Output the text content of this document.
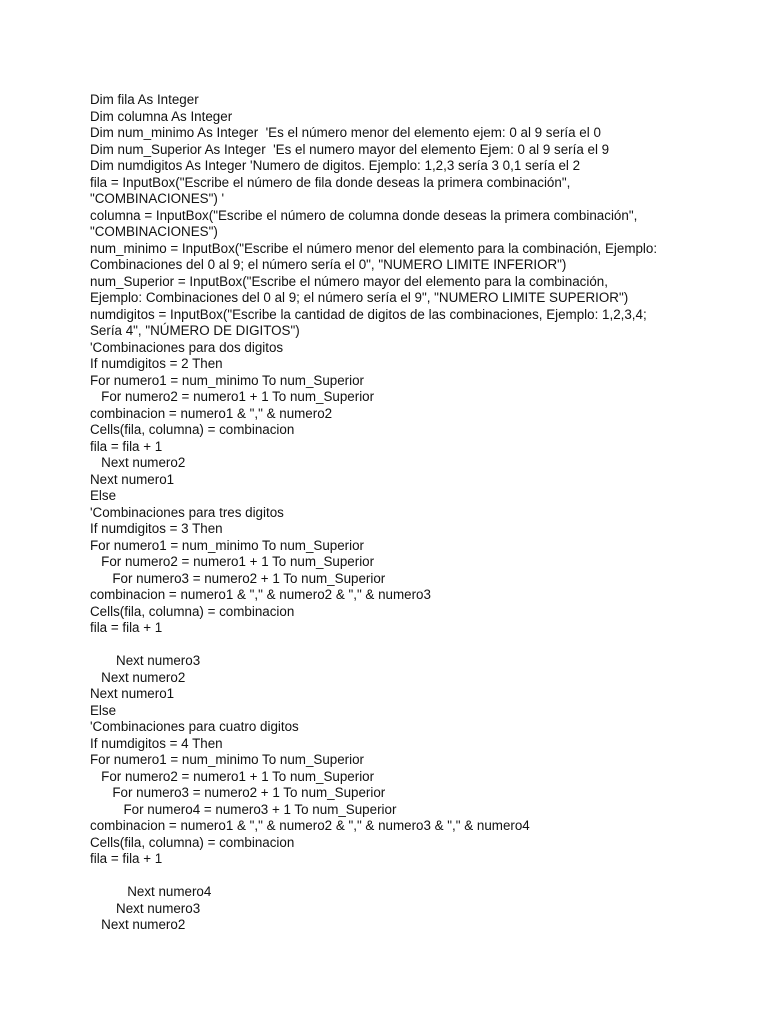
Dim fila As Integer
Dim columna As Integer
Dim num_minimo As Integer  'Es el número menor del elemento ejem: 0 al 9 sería el 0
Dim num_Superior As Integer  'Es el numero mayor del elemento Ejem: 0 al 9 sería el 9
Dim numdigitos As Integer 'Numero de digitos. Ejemplo: 1,2,3 sería 3 0,1 sería el 2
fila = InputBox("Escribe el número de fila donde deseas la primera combinación",
"COMBINACIONES") '
columna = InputBox("Escribe el número de columna donde deseas la primera combinación",
"COMBINACIONES")
num_minimo = InputBox("Escribe el número menor del elemento para la combinación, Ejemplo:
Combinaciones del 0 al 9; el número sería el 0", "NUMERO LIMITE INFERIOR")
num_Superior = InputBox("Escribe el número mayor del elemento para la combinación,
Ejemplo: Combinaciones del 0 al 9; el número sería el 9", "NUMERO LIMITE SUPERIOR")
numdigitos = InputBox("Escribe la cantidad de digitos de las combinaciones, Ejemplo: 1,2,3,4;
Sería 4", "NÚMERO DE DIGITOS")
'Combinaciones para dos digitos
If numdigitos = 2 Then
For numero1 = num_minimo To num_Superior
For numero2 = numero1 + 1 To num_Superior
combinacion = numero1 & "," & numero2
Cells(fila, columna) = combinacion
fila = fila + 1
Next numero2
Next numero1
Else
'Combinaciones para tres digitos
If numdigitos = 3 Then
For numero1 = num_minimo To num_Superior
For numero2 = numero1 + 1 To num_Superior
For numero3 = numero2 + 1 To num_Superior
combinacion = numero1 & "," & numero2 & "," & numero3
Cells(fila, columna) = combinacion
fila = fila + 1
Next numero3
Next numero2
Next numero1
Else
'Combinaciones para cuatro digitos
If numdigitos = 4 Then
For numero1 = num_minimo To num_Superior
For numero2 = numero1 + 1 To num_Superior
For numero3 = numero2 + 1 To num_Superior
For numero4 = numero3 + 1 To num_Superior
combinacion = numero1 & "," & numero2 & "," & numero3 & "," & numero4
Cells(fila, columna) = combinacion
fila = fila + 1
Next numero4
Next numero3
Next numero2
